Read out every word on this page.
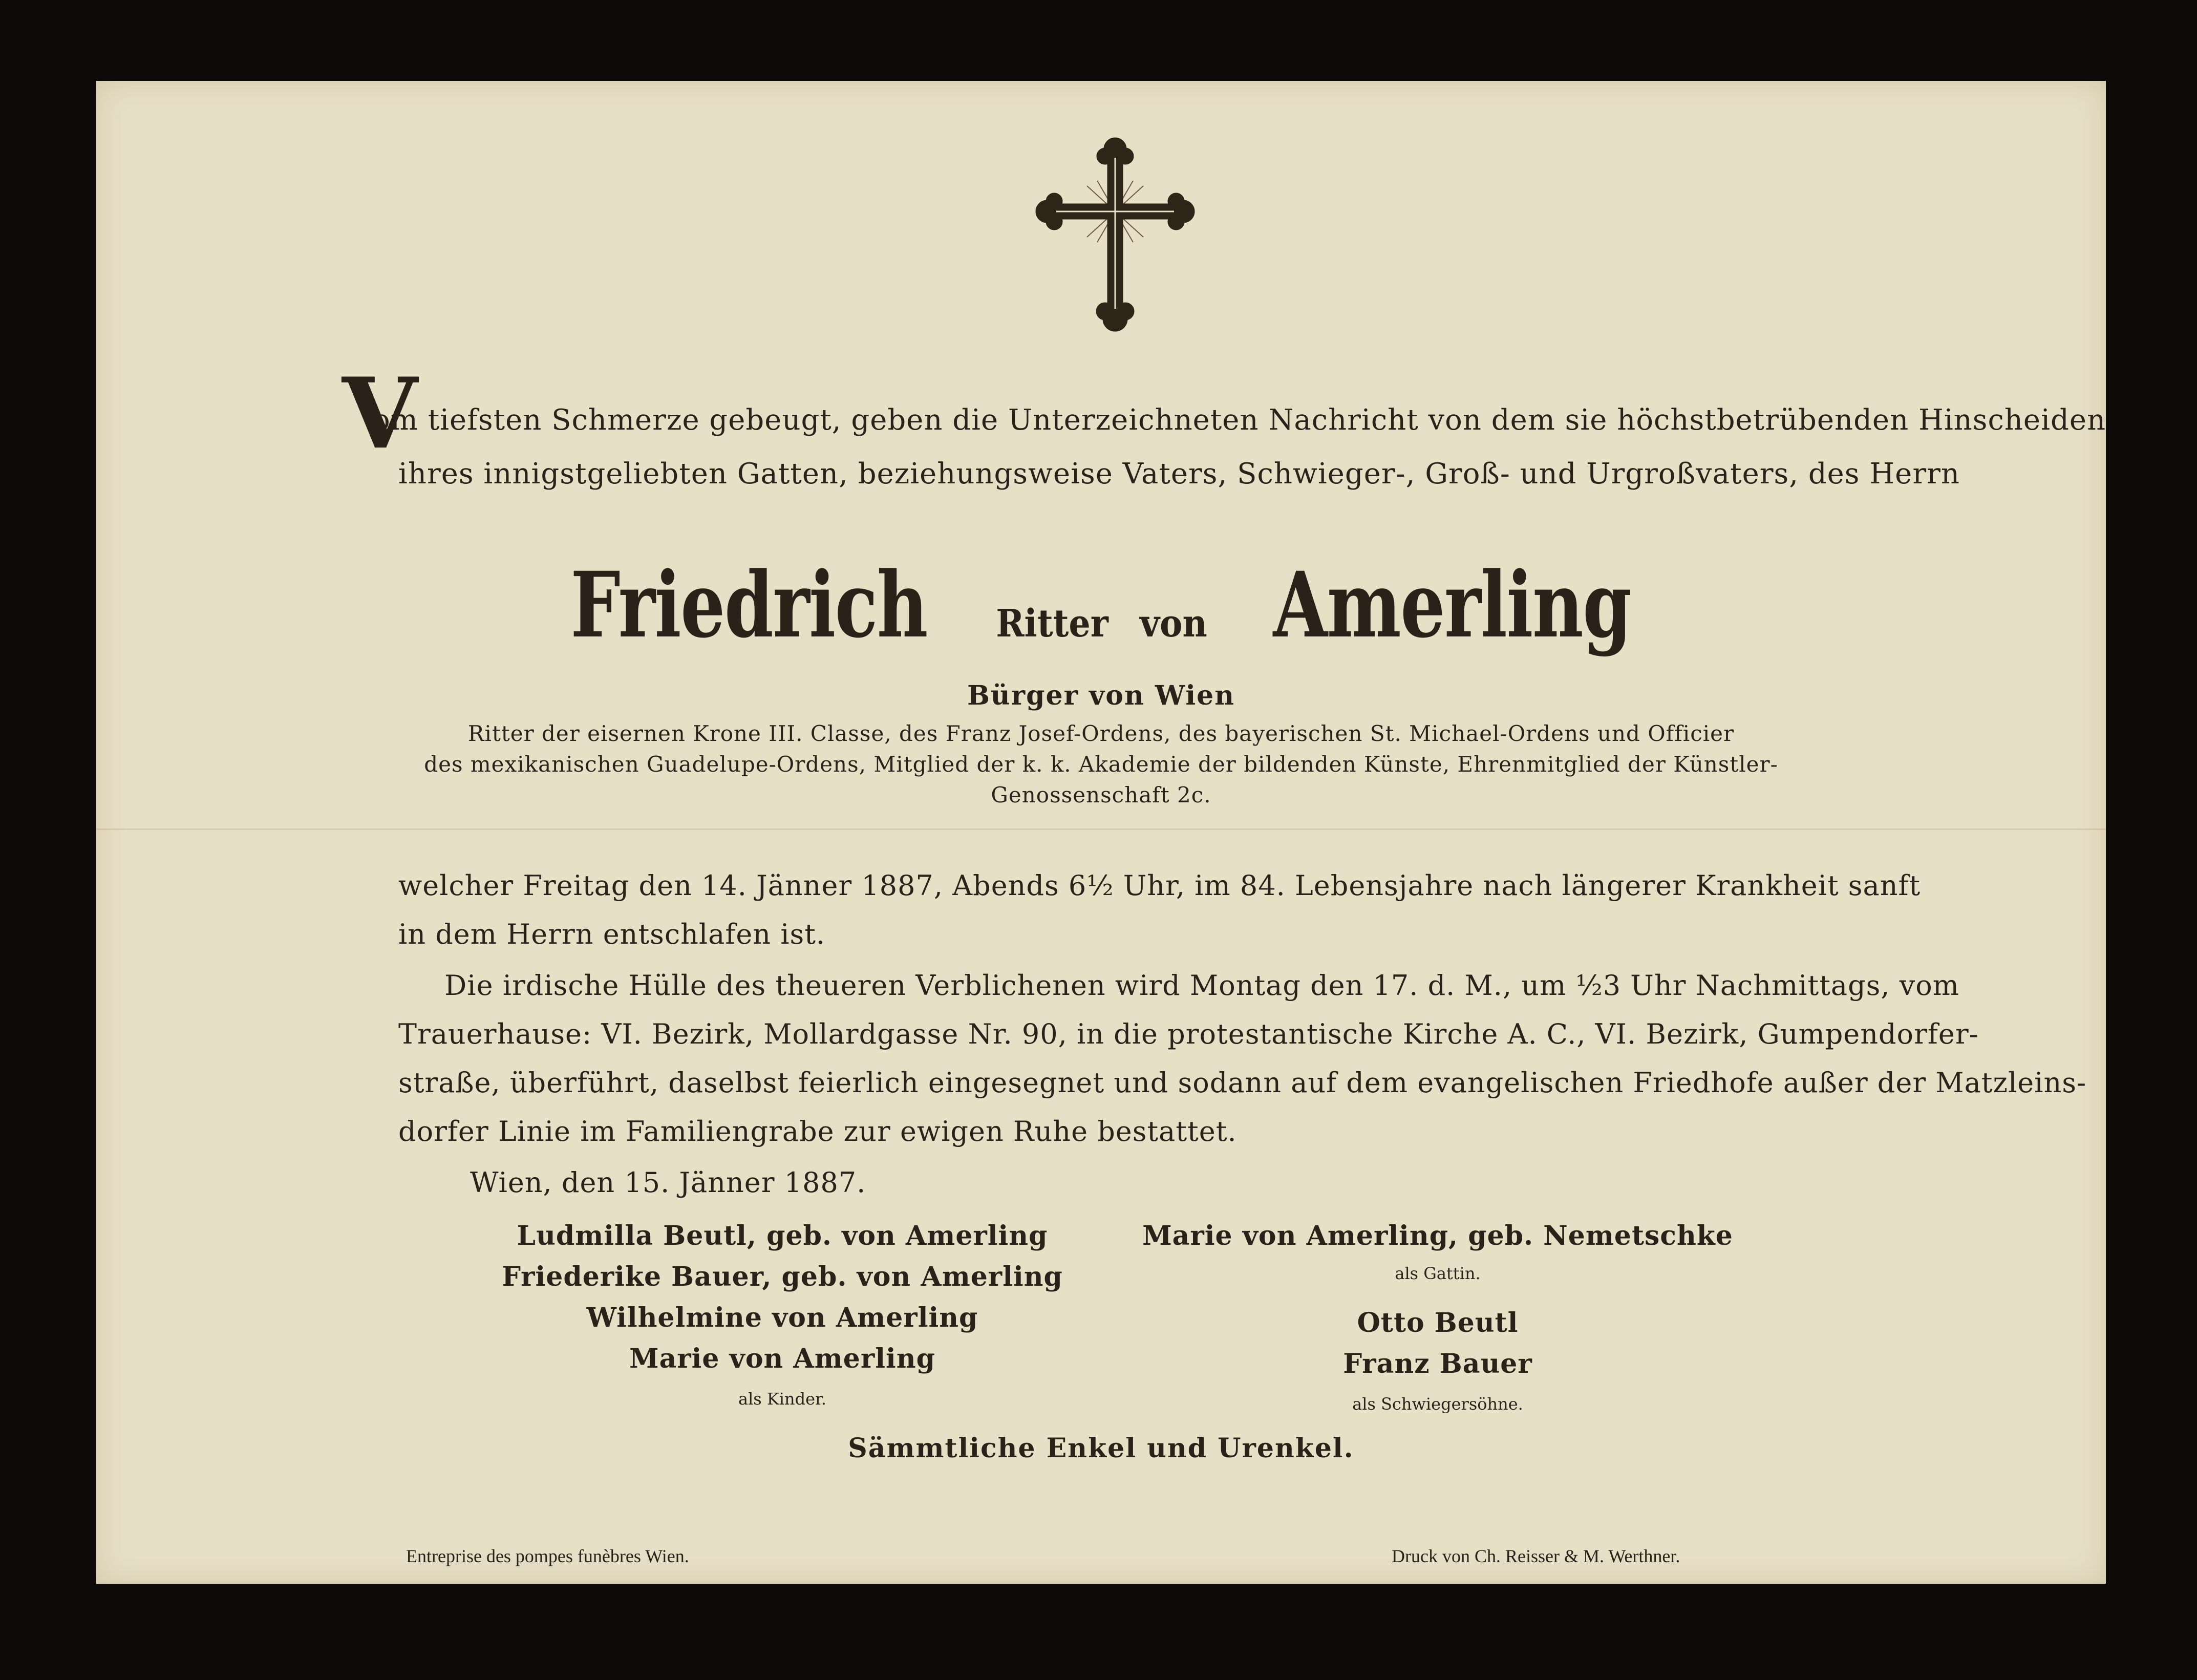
V
om tiefsten Schmerze gebeugt, geben die Unterzeichneten Nachricht von dem sie höchstbetrübenden Hinscheiden
ihres innigstgeliebten Gatten, beziehungsweise Vaters, Schwieger-, Groß- und Urgroßvaters, des Herrn
Friedrich Ritter von Amerling
Bürger von Wien
Ritter der eisernen Krone III. Classe, des Franz Josef-Ordens, des bayerischen St. Michael-Ordens und Officier
des mexikanischen Guadelupe-Ordens, Mitglied der k. k. Akademie der bildenden Künste, Ehrenmitglied der Künstler-
Genossenschaft 2c.
welcher Freitag den 14. Jänner 1887, Abends 6½ Uhr, im 84. Lebensjahre nach längerer Krankheit sanft
in dem Herrn entschlafen ist.
Die irdische Hülle des theueren Verblichenen wird Montag den 17. d. M., um ½3 Uhr Nachmittags, vom
Trauerhause: VI. Bezirk, Mollardgasse Nr. 90, in die protestantische Kirche A. C., VI. Bezirk, Gumpendorfer-
straße, überführt, daselbst feierlich eingesegnet und sodann auf dem evangelischen Friedhofe außer der Matzleins-
dorfer Linie im Familiengrabe zur ewigen Ruhe bestattet.
Wien, den 15. Jänner 1887.
Ludmilla Beutl, geb. von Amerling
Friederike Bauer, geb. von Amerling
Wilhelmine von Amerling
Marie von Amerling
als Kinder.
Marie von Amerling, geb. Nemetschke
als Gattin.
Otto Beutl
Franz Bauer
als Schwiegersöhne.
Sämmtliche Enkel und Urenkel.
Entreprise des pompes funèbres Wien.	Druck von Ch. Reisser & M. Werthner.
